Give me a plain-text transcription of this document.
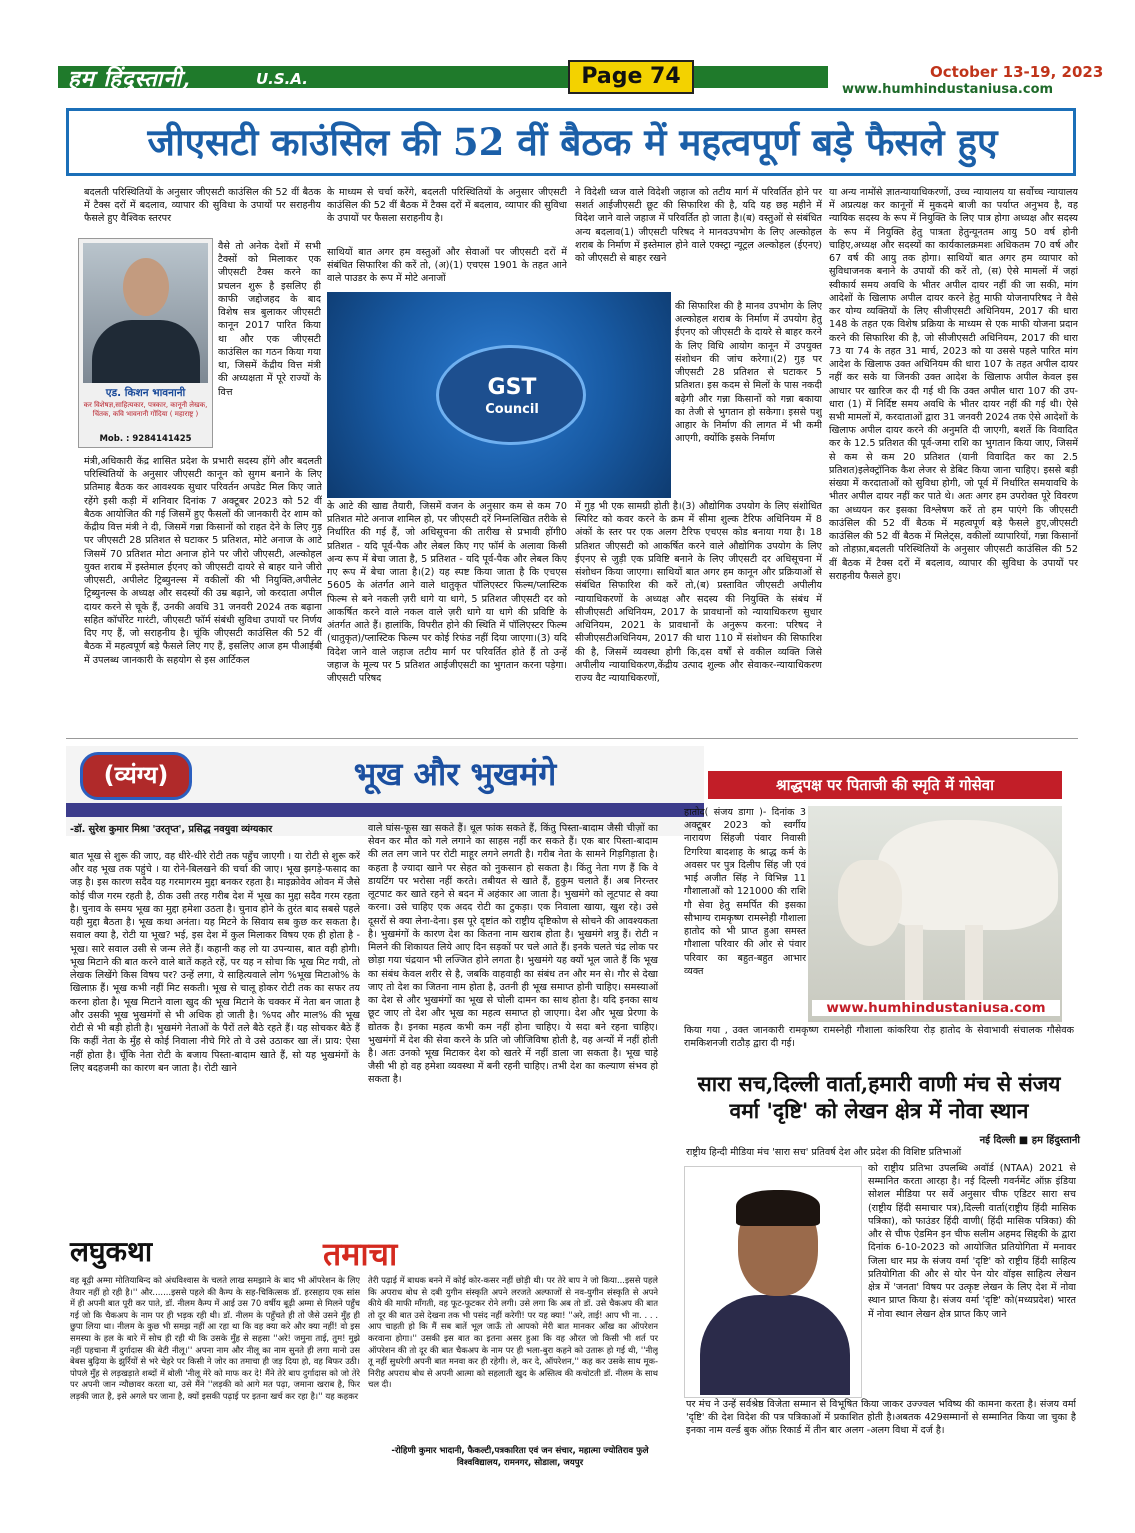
हम हिंदुस्तानी,	U.S.A.	Page 74	October 13-19, 2023
www.humhindustaniusa.com
जीएसटी काउंसिल की 52 वीं बैठक में महत्वपूर्ण बड़े फैसले हुए
बदलती परिस्थितियों के अनुसार जीएसटी काउंसिल की 52 वीं बैठक में टैक्स दरों में बदलाव, व्यापार की सुविधा के उपायों पर सराहनीय फैसले हुए वैश्विक स्तरपर
एड. किशन भावनानी
कर विशेषज्ञ,साहित्यकार, पत्रकार, कानूनी लेखक, चिंतक, कवि भावनानी गोंदिया ( महाराष्ट्र )
Mob. : 9284141425
वैसे तो अनेक देशों में सभी टैक्सों को मिलाकर एक जीएसटी टैक्स करने का प्रचलन शुरू है इसलिए ही काफी जद्दोजहद के बाद विशेष सत्र बुलाकर जीएसटी कानून 2017 पारित किया था और एक जीएसटी काउंसिल का गठन किया गया था, जिसमें केंद्रीय वित्त मंत्री की अध्यक्षता में पूरे राज्यों के वित्त
मंत्री,अधिकारी केंद्र शासित प्रदेश के प्रभारी सदस्य होंगे और बदलती परिस्थितियों के अनुसार जीएसटी कानून को सुगम बनाने के लिए प्रतिमाह बैठक कर आवश्यक सुधार परिवर्तन अपडेट मिल किए जाते रहेंगे इसी कड़ी में शनिवार दिनांक 7 अक्टूबर 2023 को 52 वीं बैठक आयोजित की गई जिसमें हुए फैसलों की जानकारी देर शाम को केंद्रीय वित्त मंत्री ने दी, जिसमें गन्ना किसानों को राहत देने के लिए गुड़ पर जीएसटी 28 प्रतिशत से घटाकर 5 प्रतिशत, मोटे अनाज के आटे जिसमें 70 प्रतिशत मोटा अनाज होने पर जीरो जीएसटी, अल्कोहल युक्त शराब में इस्तेमाल ईएनए को जीएसटी दायरे से बाहर याने जीरो जीएसटी, अपीलेट ट्रिब्युनल्स में वकीलों की भी नियुक्ति,अपीलेट ट्रिब्युनल्स के अध्यक्ष और सदस्यों की उम्र बढ़ाने, जो करदाता अपील दायर करने से चूके हैं, उनकी अवधि 31 जनवरी 2024 तक बढ़ाना सहित कॉर्पोरेट गारंटी, जीएसटी फॉर्म संबंधी सुविधा उपायों पर निर्णय दिए गए हैं, जो सराहनीय है। चूंकि जीएसटी काउंसिल की 52 वीं बैठक में महत्वपूर्ण बड़े फैसले लिए गए हैं, इसलिए आज हम पीआईबी में उपलब्ध जानकारी के सहयोग से इस आर्टिकल
के माध्यम से चर्चा करेंगे, बदलती परिस्थितियों के अनुसार जीएसटी काउंसिल की 52 वीं बैठक में टैक्स दरों में बदलाव, व्यापार की सुविधा के उपायों पर फैसला सराहनीय है।
साथियों बात अगर हम वस्तुओं और सेवाओं पर जीएसटी दरों में संबंधित सिफारिश की करें तो, (अ)(1) एचएस 1901 के तहत आने वाले पाउडर के रूप में मोटे अनाजों
GST
Council
के आटे की खाद्य तैयारी, जिसमें वजन के अनुसार कम से कम 70 प्रतिशत मोटे अनाज शामिल हो, पर जीएसटी दरें निम्नलिखित तरीके से निर्धारित की गई हैं, जो अधिसूचना की तारीख से प्रभावी होंगी0 प्रतिशत - यदि पूर्व-पैक और लेबल किए गए फॉर्म के अलावा किसी अन्य रूप में बेचा जाता है, 5 प्रतिशत - यदि पूर्व-पैक और लेबल किए गए रूप में बेचा जाता है।(2) यह स्पष्ट किया जाता है कि एचएस 5605 के अंतर्गत आने वाले धातुकृत पॉलिएस्टर फिल्म/प्लास्टिक फिल्म से बने नकली ज़री धागे या धागे, 5 प्रतिशत जीएसटी दर को आकर्षित करने वाले नकल वाले ज़री धागे या धागे की प्रविष्टि के अंतर्गत आते हैं। हालांकि, विपरीत होने की स्थिति में पॉलिएस्टर फिल्म (धातुकृत)/प्लास्टिक फिल्म पर कोई रिफंड नहीं दिया जाएगा।(3) यदि विदेश जाने वाले जहाज तटीय मार्ग पर परिवर्तित होते हैं तो उन्हें जहाज के मूल्य पर 5 प्रतिशत आईजीएसटी का भुगतान करना पड़ेगा। जीएसटी परिषद
ने विदेशी ध्वज वाले विदेशी जहाज को तटीय मार्ग में परिवर्तित होने पर सशर्त आईजीएसटी छूट की सिफारिश की है, यदि यह छह महीने में विदेश जाने वाले जहाज में परिवर्तित हो जाता है।(ब) वस्तुओं से संबंधित अन्य बदलाव(1) जीएसटी परिषद ने मानवउपभोग के लिए अल्कोहल शराब के निर्माण में इस्तेमाल होने वाले एक्स्ट्रा न्यूट्रल अल्कोहल (ईएनए) को जीएसटी से बाहर रखने
की सिफारिश की है मानव उपभोग के लिए अल्कोहल शराब के निर्माण में उपयोग हेतु ईएनए को जीएसटी के दायरे से बाहर करने के लिए विधि आयोग कानून में उपयुक्त संशोधन की जांच करेगा।(2) गुड़ पर जीएसटी 28 प्रतिशत से घटाकर 5 प्रतिशत। इस कदम से मिलों के पास नकदी बढ़ेगी और गन्ना किसानों को गन्ना बकाया का तेजी से भुगतान हो सकेगा। इससे पशु आहार के निर्माण की लागत में भी कमी आएगी, क्योंकि इसके निर्माण
में गुड़ भी एक सामग्री होती है।(3) औद्योगिक उपयोग के लिए संशोधित स्पिरिट को कवर करने के क्रम में सीमा शुल्क टैरिफ अधिनियम में 8 अंकों के स्तर पर एक अलग टैरिफ एचएस कोड बनाया गया है। 18 प्रतिशत जीएसटी को आकर्षित करने वाले औद्योगिक उपयोग के लिए ईएनए से जुड़ी एक प्रविष्टि बनाने के लिए जीएसटी दर अधिसूचना में संशोधन किया जाएगा। साथियों बात अगर हम कानून और प्रक्रियाओं से संबंधित सिफारिश की करें तो,(ब) प्रस्तावित जीएसटी अपीलीय न्यायाधिकरणों के अध्यक्ष और सदस्य की नियुक्ति के संबंध में सीजीएसटी अधिनियम, 2017 के प्रावधानों को न्यायाधिकरण सुधार अधिनियम, 2021 के प्रावधानों के अनुरूप करना: परिषद ने सीजीएसटीअधिनियम, 2017 की धारा 110 में संशोधन की सिफारिश की है, जिसमें व्यवस्था होगी कि,दस वर्षों से वकील व्यक्ति जिसे अपीलीय न्यायाधिकरण,केंद्रीय उत्पाद शुल्क और सेवाकर-न्यायाधिकरण राज्य वैट न्यायाधिकरणों,
या अन्य नामोंसे ज्ञातन्यायाधिकरणों, उच्च न्यायालय या सर्वोच्च न्यायालय में अप्रत्यक्ष कर कानूनों में मुकदमे बाजी का पर्याप्त अनुभव है, वह न्यायिक सदस्य के रूप में नियुक्ति के लिए पात्र होगा अध्यक्ष और सदस्य के रूप में नियुक्ति हेतु पात्रता हेतुन्यूनतम आयु 50 वर्ष होनी चाहिए,अध्यक्ष और सदस्यों का कार्यकालक्रमशः अधिकतम 70 वर्ष और 67 वर्ष की आयु तक होगा। साथियों बात अगर हम व्यापार को सुविधाजनक बनाने के उपायों की करें तो, (स) ऐसे मामलों में जहां स्वीकार्य समय अवधि के भीतर अपील दायर नहीं की जा सकी, मांग आदेशों के खिलाफ अपील दायर करने हेतु माफी योजनापरिषद ने वैसे कर योग्य व्यक्तियों के लिए सीजीएसटी अधिनियम, 2017 की धारा 148 के तहत एक विशेष प्रक्रिया के माध्यम से एक माफी योजना प्रदान करने की सिफारिश की है, जो सीजीएसटी अधिनियम, 2017 की धारा 73 या 74 के तहत 31 मार्च, 2023 को या उससे पहले पारित मांग आदेश के खिलाफ उक्त अधिनियम की धारा 107 के तहत अपील दायर नहीं कर सके या जिनकी उक्त आदेश के खिलाफ अपील केवल इस आधार पर खारिज कर दी गई थी कि उक्त अपील धारा 107 की उप-धारा (1) में निर्दिष्ट समय अवधि के भीतर दायर नहीं की गई थी। ऐसे सभी मामलों में, करदाताओं द्वारा 31 जनवरी 2024 तक ऐसे आदेशों के खिलाफ अपील दायर करने की अनुमति दी जाएगी, बशर्ते कि विवादित कर के 12.5 प्रतिशत की पूर्व-जमा राशि का भुगतान किया जाए, जिसमें से कम से कम 20 प्रतिशत (यानी विवादित कर का 2.5 प्रतिशत)इलेक्ट्रॉनिक कैश लेजर से डेबिट किया जाना चाहिए। इससे बड़ी संख्या में करदाताओं को सुविधा होगी, जो पूर्व में निर्धारित समयावधि के भीतर अपील दायर नहीं कर पाते थे। अतः अगर हम उपरोक्त पूरे विवरण का अध्ययन कर इसका विश्लेषण करें तो हम पाएंगे कि जीएसटी काउंसिल की 52 वीं बैठक में महत्वपूर्ण बड़े फैसले हुए,जीएसटी काउंसिल की 52 वीं बैठक में मिलेट्स, वकीलों व्यापारियों, गन्ना किसानों को तोहफ़ा,बदलती परिस्थितियों के अनुसार जीएसटी काउंसिल की 52 वीं बैठक में टैक्स दरों में बदलाव, व्यापार की सुविधा के उपायों पर सराहनीय फैसले हुए।
(व्यंग्य)	भूख और भुखमंगे
-डॉ. सुरेश कुमार मिश्रा 'उरतृप्त', प्रसिद्ध नवयुवा व्यंग्यकार
बात भूख से शुरू की जाए, वह धीरे-धीरे रोटी तक पहुँच जाएगी । या रोटी से शुरू करें और वह भूख तक पहुंचे । या रोने-बिलखने की चर्चा की जाए। भूख झगड़े-फसाद का जड़ है। इस कारण सदैव यह गरमागरम मुद्दा बनकर रहता है। माइक्रोवेव ओवन में जैसे कोई चीज गरम रहती है, ठीक उसी तरह गरीब देश में भूख का मुद्दा सदैव गरम रहता है। चुनाव के समय भूख का मुद्दा हमेशा उठता है। चुनाव होने के तुरंत बाद सबसे पहले यही मुद्दा बैठता है। भूख कथा अनंता। यह मिटने के सिवाय सब कुछ कर सकता है। सवाल क्या है, रोटी या भूख? भई, इस देश में कुल मिलाकर विषय एक ही होता है - भूख। सारे सवाल उसी से जन्म लेते हैं। कहानी कह लो या उपन्यास, बात वही होगी। भूख मिटाने की बात करने वाले बातें कहते रहें, पर यह न सोचा कि भूख मिट गयी, तो लेखक लिखेंगे किस विषय पर? उन्हें लगा, ये साहित्यवाले लोग %भूख मिटाओ% के खिलाफ़ हैं। भूख कभी नहीं मिट सकती। भूख से चालू होकर रोटी तक का सफर तय करना होता है। भूख मिटाने वाला खुद की भूख मिटाने के चक्कर में नेता बन जाता है और उसकी भूख भुखमंगों से भी अधिक हो जाती है। %पद और माल% की भूख रोटी से भी बड़ी होती है। भुखमंगे नेताओं के पैरों तले बैठे रहते हैं। यह सोचकर बैठे हैं कि कहीं नेता के मुँह से कोई निवाला नीचे गिरे तो वे उसे उठाकर खा लें। प्राय: ऐसा नहीं होता है। चूँकि नेता रोटी के बजाय पिस्ता-बादाम खाते हैं, सो यह भुखमंगों के लिए बदहजमी का कारण बन जाता है। रोटी खाने
वाले घांस-फूस खा सकते हैं। धूल फांक सकते हैं, किंतु पिस्ता-बादाम जैसी चीज़ों का सेवन कर मौत को गले लगाने का साहस नहीं कर सकते हैं। एक बार पिस्ता-बादाम की लत लग जाने पर रोटी माहूर लगने लगती है। गरीब नेता के सामने गिड़गिड़ाता है। कहता है ज्यादा खाने पर सेहत को नुकसान हो सकता है। किंतु नेता गण हैं कि वे डायटिंग पर भरोसा नहीं करते। तबीयत से खाते हैं, हुकुम चलाते हैं। अब निरन्तर लूटपाट कर खाते रहने से बदन में अहंकार आ जाता है। भुखमंगे को लूटपाट से क्या करना। उसे चाहिए एक अदद रोटी का टुकड़ा। एक निवाला खाया, खुश रहे। उसे दूसरों से क्या लेना-देना। इस पूरे दृष्टांत को राष्ट्रीय दृष्टिकोण से सोचने की आवश्यकता है। भुखमंगों के कारण देश का कितना नाम खराब होता है। भुखमंगे शत्रु हैं। रोटी न मिलने की शिकायत लिये आए दिन सड़कों पर चले आते हैं। इनके चलते चंद्र लोक पर छोड़ा गया चंद्रयान भी लज्जित होने लगता है। भुखमंगे यह क्यों भूल जाते हैं कि भूख का संबंध केवल शरीर से है, जबकि वाहवाही का संबंध तन और मन से। गौर से देखा जाए तो देश का जितना नाम होता है, उतनी ही भूख समाप्त होनी चाहिए। समस्याओं का देश से और भुखमंगों का भूख से चोली दामन का साथ होता है। यदि इनका साथ छूट जाए तो देश और भूख का महत्व समाप्त हो जाएगा। देश और भूख प्रेरणा के द्योतक है। इनका महत्व कभी कम नहीं होना चाहिए। ये सदा बने रहना चाहिए। भुखमंगों में देश की सेवा करने के प्रति जो जीजिविषा होती है, वह अन्यों में नहीं होती है। अतः उनको भूख मिटाकर देश को खतरे में नहीं डाला जा सकता है। भूख चाहे जैसी भी हो वह हमेशा व्यवस्था में बनी रहनी चाहिए। तभी देश का कल्याण संभव हो सकता है।
लघुकथा	तमाचा
वह बूढ़ी अम्मा मोतियाबिन्द को अंधविश्वास के चलते लाख समझाने के बाद भी ऑपरेशन के लिए तैयार नहीं हो रही है।'' और.......इससे पहले की कैम्प के सह-चिकित्सक डॉ. हरसहाय एक सांस में ही अपनी बात पूरी कर पाते, डॉ. नीलम कैम्प में आई उस 70 वर्षीय बूढ़ी अम्मा से मिलने पहुँच गई जो कि चैकअप के नाम पर ही भड़क रही थी। डॉ. नीलम के पहुँचते ही तो जैसे उसने मुँह ही छुपा लिया था। नीलम के कुछ भी समझ नहीं आ रहा था कि वह क्या करे और क्या नहीं! वो इस समस्या के हल के बारे में सोच ही रही थी कि उसके मुँह से सहसा ''अरे! जमुना ताई, तुम! मुझे नहीं पहचाना मैं दुर्गादास की बेटी नीलू।'' अपना नाम और नीलू का नाम सुनते ही लगा मानो उस बेबस बुढ़िया के झुर्रियों से भरे चेहरे पर किसी ने जोर का तमाचा ही जड़ दिया हो, वह बिफर उठी। पोपले मुँह से लड़खड़ाते शब्दों में बोली 'नीलू मेरे को माफ कर दे! मैंने तेरे बाप दुर्गादास को जो तेरे पर अपनी जान न्यौछावर करता था, उसे मैंने ''लड़की को आगे मत पढ़ा, जमाना खराब है, फिर लड़की जात है, इसे अगले घर जाना है, क्यों इसकी पढ़ाई पर इतना खर्च कर रहा है।'' यह कहकर
तेरी पढ़ाई में बाधक बनने में कोई कोर-कसर नहीं छोड़ी थी। पर तेरे बाप ने जो किया...इससे पहले कि अपराध बोध से दबी युगीन संस्कृति अपने लरजते अल्फाजों से नव-युगीन संस्कृति से अपने कीये की माफी माँगती, वह फूट-फूटकर रोने लगी। उसे लगा कि अब तो डॉ. उसे चैकअप की बात तो दूर की बात उसे देखना तक भी पसंद नहीं करेगी! पर यह क्या! ''अरे, ताई! आप भी ना. . . . आप चाहती हो कि मैं सब बातें भूल जाऊँ तो आपको मेरी बात मानकर आँख का ऑपरेशन करवाना होगा।'' उसकी इस बात का इतना असर हुआ कि वह औरत जो किसी भी शर्त पर ऑपरेशन की तो दूर की बात चैकअप के नाम पर ही भला-बुरा कहने को उतारू हो गई थी, ''नीलू तू नहीं सुधरेगी अपनी बात मनवा कर ही रहेगी। ले, कर दे, ऑपरेशन,'' कह कर उसके साथ मूक-निरीह अपराध बोध से अपनी आत्मा को सहलाती खुद के अस्तित्व की कचोटती डॉ. नीलम के साथ चल दी।
-रोहिणी कुमार भादानी, फैकल्टी,पत्रकारिता एवं जन संचार, महात्मा ज्योतिराव फुले विश्वविद्यालय, रामनगर, सोडाला, जयपुर
श्राद्धपक्ष पर पिताजी की स्मृति में गोसेवा
हातोद( संजय डागा )- दिनांक 3 अक्टूबर 2023 को स्वर्गीय नारायण सिंहजी पंवार निवासी टिगरिया बादशाह के श्राद्ध कर्म के अवसर पर पुत्र दिलीप सिंह जी एवं भाई अजीत सिंह ने विभिन्न 11 गौशालाओं को 121000 की राशि गौ सेवा हेतु समर्पित की इसका सौभाग्य रामकृष्ण रामस्नेही गौशाला हातोद को भी प्राप्त हुआ समस्त गौशाला परिवार की ओर से पंवार परिवार का बहुत-बहुत आभार व्यक्त
www.humhindustaniusa.com
किया गया , उक्त जानकारी रामकृष्ण रामस्नेही गौशाला कांकरिया रोड़ हातोद के सेवाभावी संचालक गौसेवक रामकिशनजी राठौड़ द्वारा दी गई।
सारा सच,दिल्ली वार्ता,हमारी वाणी मंच से संजय वर्मा 'दृष्टि' को लेखन क्षेत्र में नोवा स्थान
नई दिल्ली ■ हम हिंदुस्तानी
राष्ट्रीय हिन्दी मीडिया मंच 'सारा सच' प्रतिवर्ष देश और प्रदेश की विशिष्ट प्रतिभाओं
को राष्ट्रीय प्रतिभा उपलब्धि अवॉर्ड (NTAA) 2021 से सम्मानित करता आरहा है। नई दिल्ली गवर्नमेंट ऑफ़ इंडिया सोशल मीडिया पर सर्वे अनुसार चीफ एडिटर सारा सच (राष्ट्रीय हिंदी समाचार पत्र),दिल्ली वार्ता(राष्ट्रीय हिंदी मासिक पत्रिका), को फाउंडर हिंदी वाणी( हिंदी मासिक पत्रिका) की और से चीफ ऐडमिन इन चीफ सलीम अहमद सिद्दकी के द्वारा दिनांक 6-10-2023 को आयोजित प्रतियोगिता में मनावर जिला धार मप्र के संजय वर्मा 'दृष्टि' को राष्ट्रीय हिंदी साहित्य प्रतियोगिता की और से योर पेन योर वॉइस साहित्य लेखन क्षेत्र में 'जनता' विषय पर उत्कृष्ट लेखन के लिए देश में नोवा स्थान प्राप्त किया है। संजय वर्मा 'दृष्टि' को(मध्यप्रदेश) भारत में नोवा स्थान लेखन क्षेत्र प्राप्त किए जाने
पर मंच ने उन्हें सर्वश्रेष्ठ विजेता सम्मान से विभूषित किया जाकर उज्ज्वल भविष्य की कामना करता है। संजय वर्मा 'दृष्टि' की देश विदेश की पत्र पत्रिकाओं में प्रकाशित होती है।अबतक 429सम्मानों से सम्मानित किया जा चुका है इनका नाम वर्ल्ड बुक ऑफ़ रिकार्ड में तीन बार अलग -अलग विधा में दर्ज है।
